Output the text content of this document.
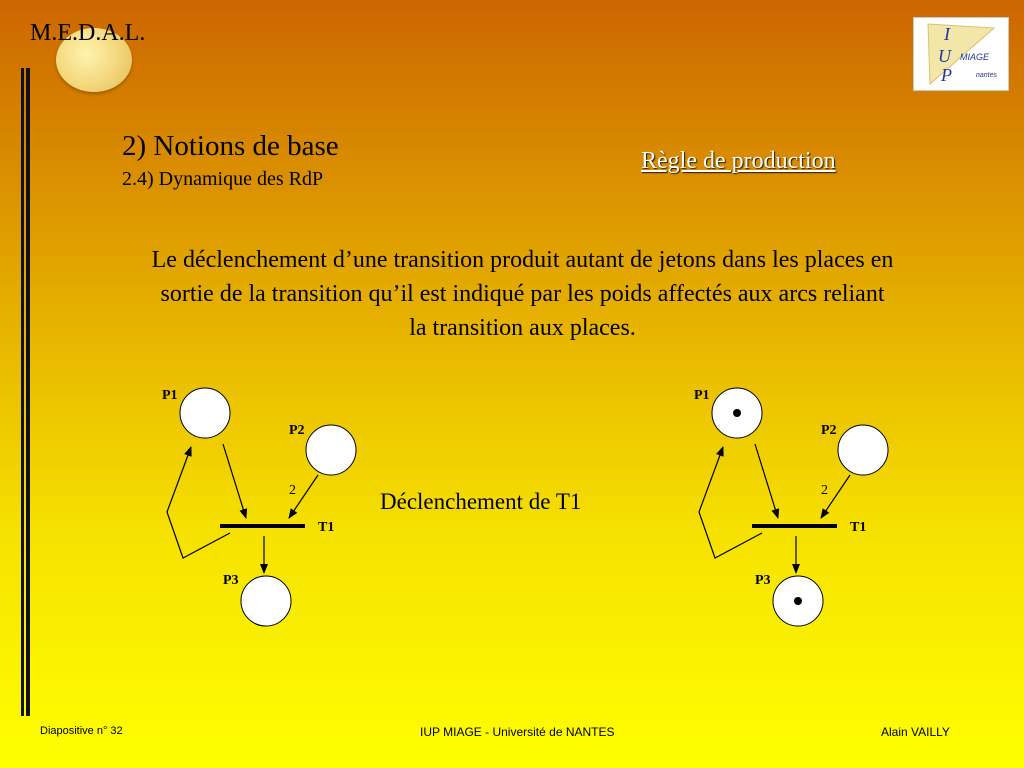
M.E.D.A.L.	I
U
P
MIAGE
nantes
2) Notions de base
2.4) Dynamique des RdP
Règle de production
Le déclenchement d’une transition produit autant de jetons dans les places en sortie de la transition qu’il est indiqué par les poids affectés aux arcs reliant la transition aux places.
Déclenchement de T1
P1
P2
P3
T1
2
P1
P2
P3
T1
2
Diapositive n° 32	IUP MIAGE - Université de NANTES	Alain VAILLY
